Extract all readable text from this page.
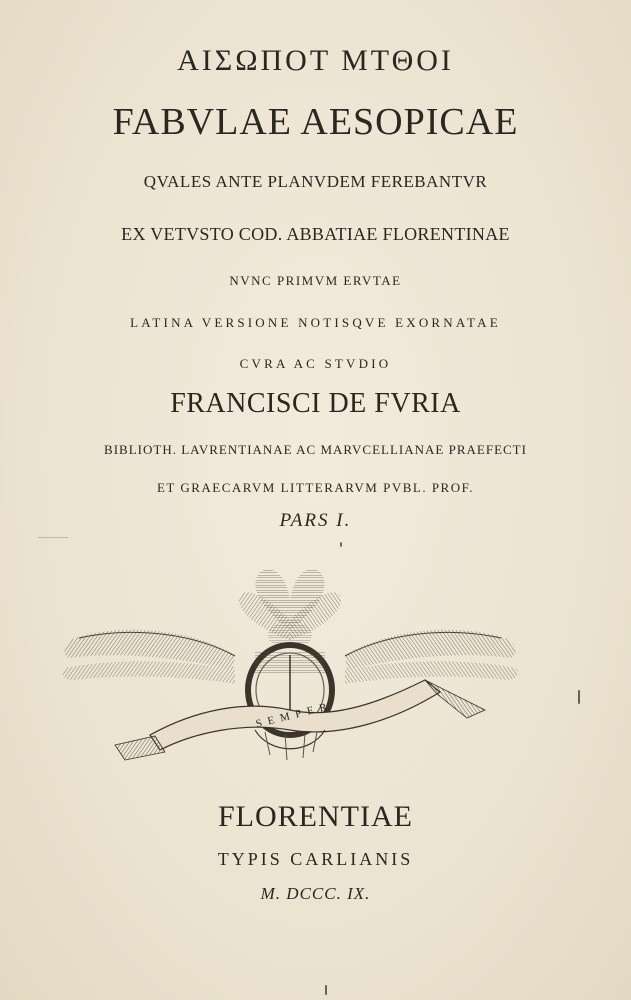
ΑΙΣΩΠΟΤ ΜΤΘΟΙ
FABVLAE AESOPICAE
QVALES ANTE PLANVDEM FEREBANTVR
EX VETVSTO COD. ABBATIAE FLORENTINAE
NVNC PRIMVM ERVTAE
LATINA VERSIONE NOTISQVE EXORNATAE
CVRA AC STVDIO
FRANCISCI DE FVRIA
BIBLIOTH. LAVRENTIANAE AC MARVCELLIANAE PRAEFECTI
ET GRAECARVM LITTERARVM PVBL. PROF.
PARS I.
SEMPER
FLORENTIAE
TYPIS CARLIANIS
M. DCCC. IX.
